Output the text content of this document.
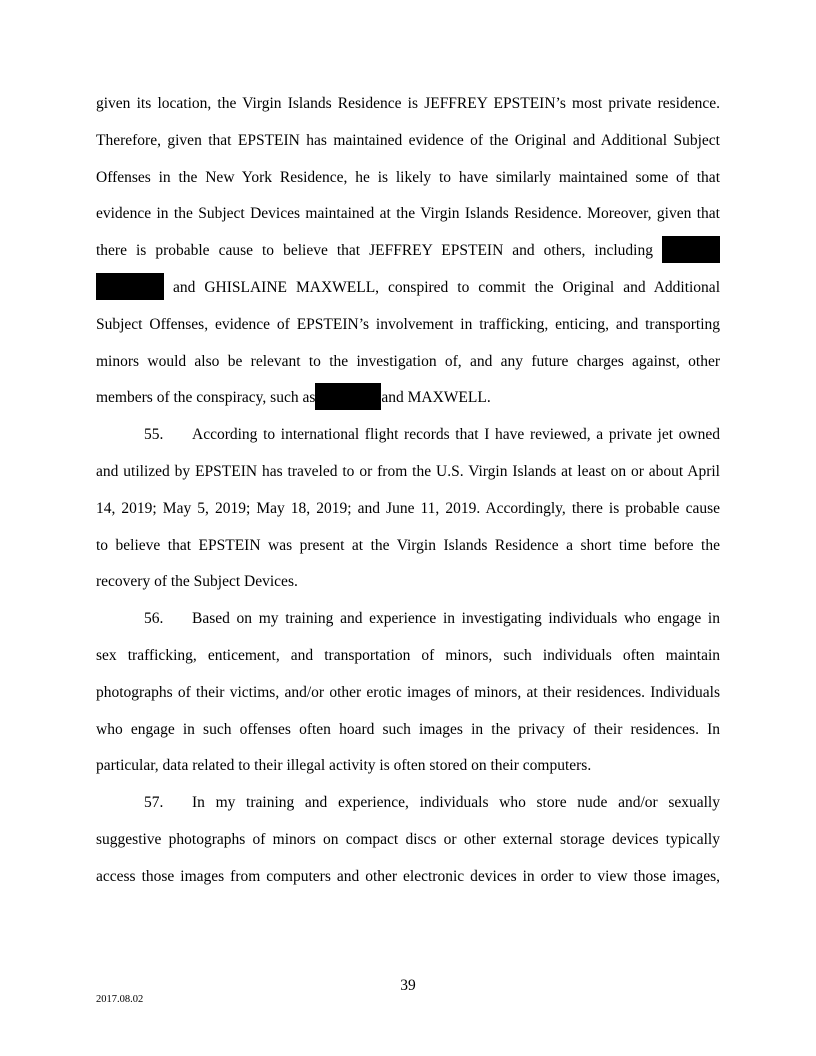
given its location, the Virgin Islands Residence is JEFFREY EPSTEIN’s most private residence.
Therefore, given that EPSTEIN has maintained evidence of the Original and Additional Subject
Offenses in the New York Residence, he is likely to have similarly maintained some of that
evidence in the Subject Devices maintained at the Virgin Islands Residence. Moreover, given that
there is probable cause to believe that JEFFREY EPSTEIN and others, including
and GHISLAINE MAXWELL, conspired to commit the Original and Additional
Subject Offenses, evidence of EPSTEIN’s involvement in trafficking, enticing, and transporting
minors would also be relevant to the investigation of, and any future charges against, other
members of the conspiracy, such as	and MAXWELL.
55. According to international flight records that I have reviewed, a private jet owned
and utilized by EPSTEIN has traveled to or from the U.S. Virgin Islands at least on or about April
14, 2019; May 5, 2019; May 18, 2019; and June 11, 2019. Accordingly, there is probable cause
to believe that EPSTEIN was present at the Virgin Islands Residence a short time before the
recovery of the Subject Devices.
56. Based on my training and experience in investigating individuals who engage in
sex trafficking, enticement, and transportation of minors, such individuals often maintain
photographs of their victims, and/or other erotic images of minors, at their residences. Individuals
who engage in such offenses often hoard such images in the privacy of their residences. In
particular, data related to their illegal activity is often stored on their computers.
57. In my training and experience, individuals who store nude and/or sexually
suggestive photographs of minors on compact discs or other external storage devices typically
access those images from computers and other electronic devices in order to view those images,
39
2017.08.02
